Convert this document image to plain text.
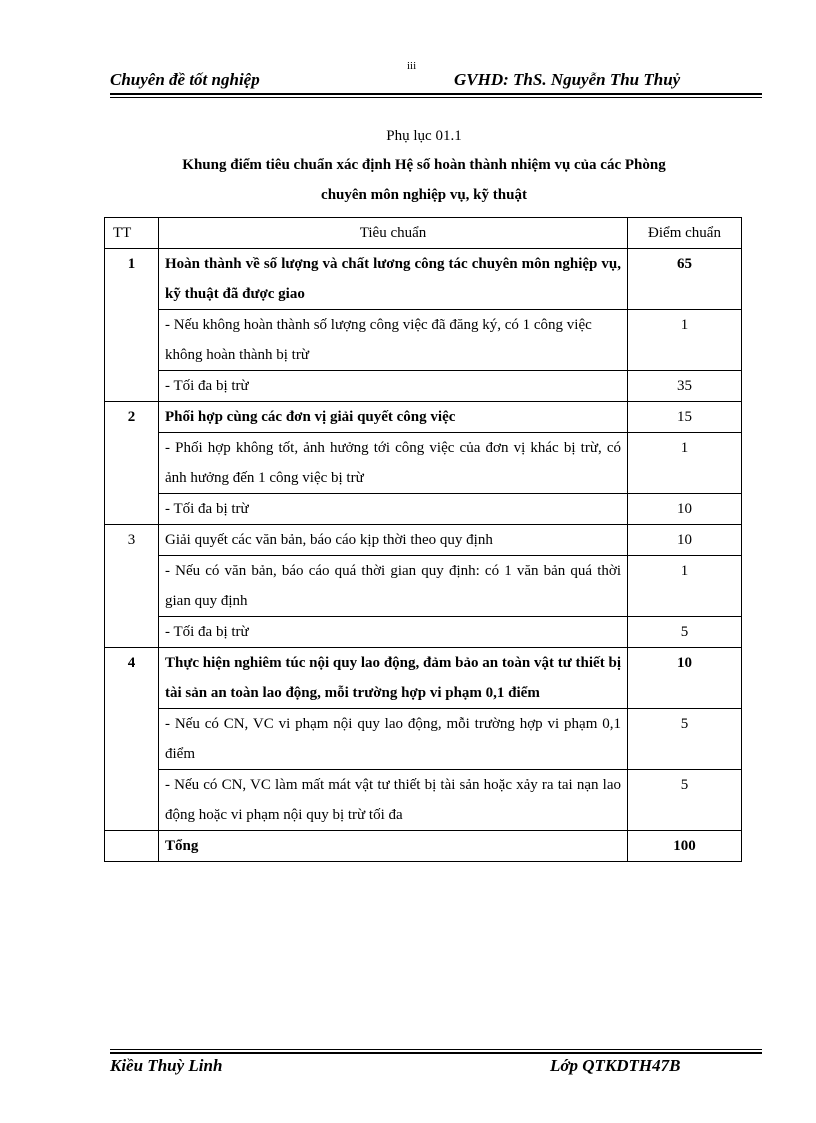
Chuyên đề tốt nghiệp
iii
GVHD: ThS. Nguyễn Thu Thuỷ
Phụ lục 01.1
Khung điểm tiêu chuẩn xác định Hệ số hoàn thành nhiệm vụ của các Phòng
chuyên môn nghiệp vụ, kỹ thuật
TT	Tiêu chuẩn	Điểm chuẩn
1	Hoàn thành về số lượng và chất lương công tác chuyên môn nghiệp vụ, kỹ thuật đã được giao	65
	- Nếu không hoàn thành số lượng công việc đã đăng ký, có 1 công việc không hoàn thành bị trừ	1
	- Tối đa bị trừ	35
2	Phối hợp cùng các đơn vị giải quyết công việc	15
	- Phối hợp không tốt, ảnh hưởng tới công việc của đơn vị khác bị trừ, có ảnh hưởng đến 1 công việc bị trừ	1
	- Tối đa bị trừ	10
3	Giải quyết các văn bản, báo cáo kịp thời theo quy định	10
	- Nếu có văn bản, báo cáo quá thời gian quy định: có 1 văn bản quá thời gian quy định	1
	- Tối đa bị trừ	5
4	Thực hiện nghiêm túc nội quy lao động, đảm bảo an toàn vật tư thiết bị tài sản an toàn lao động, mỗi trường hợp vi phạm 0,1 điểm	10
	- Nếu có CN, VC vi phạm nội quy lao động, mỗi trường hợp vi phạm 0,1 điểm	5
	- Nếu có CN, VC làm mất mát vật tư thiết bị tài sản hoặc xảy ra tai nạn lao động hoặc vi phạm nội quy bị trừ tối đa	5
	Tổng	100
Kiều Thuỳ Linh	Lớp QTKDTH47B
